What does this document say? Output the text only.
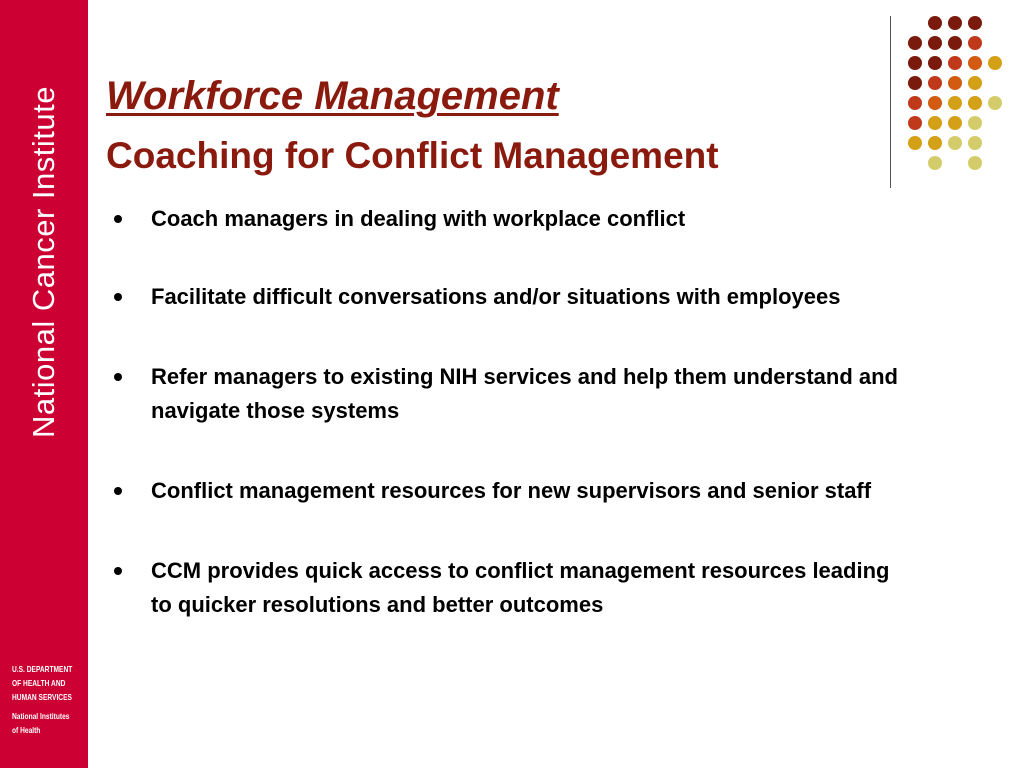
National Cancer Institute
U.S. DEPARTMENT
OF HEALTH AND
HUMAN SERVICES
National Institutes
of Health
Workforce Management
Coaching for Conflict Management
Coach managers in dealing with workplace conflict
Facilitate difficult conversations and/or situations with employees
Refer managers to existing NIH services and help them understand and navigate those systems
Conflict management resources for new supervisors and senior staff
CCM provides quick access to conflict management resources leading to quicker resolutions and better outcomes
